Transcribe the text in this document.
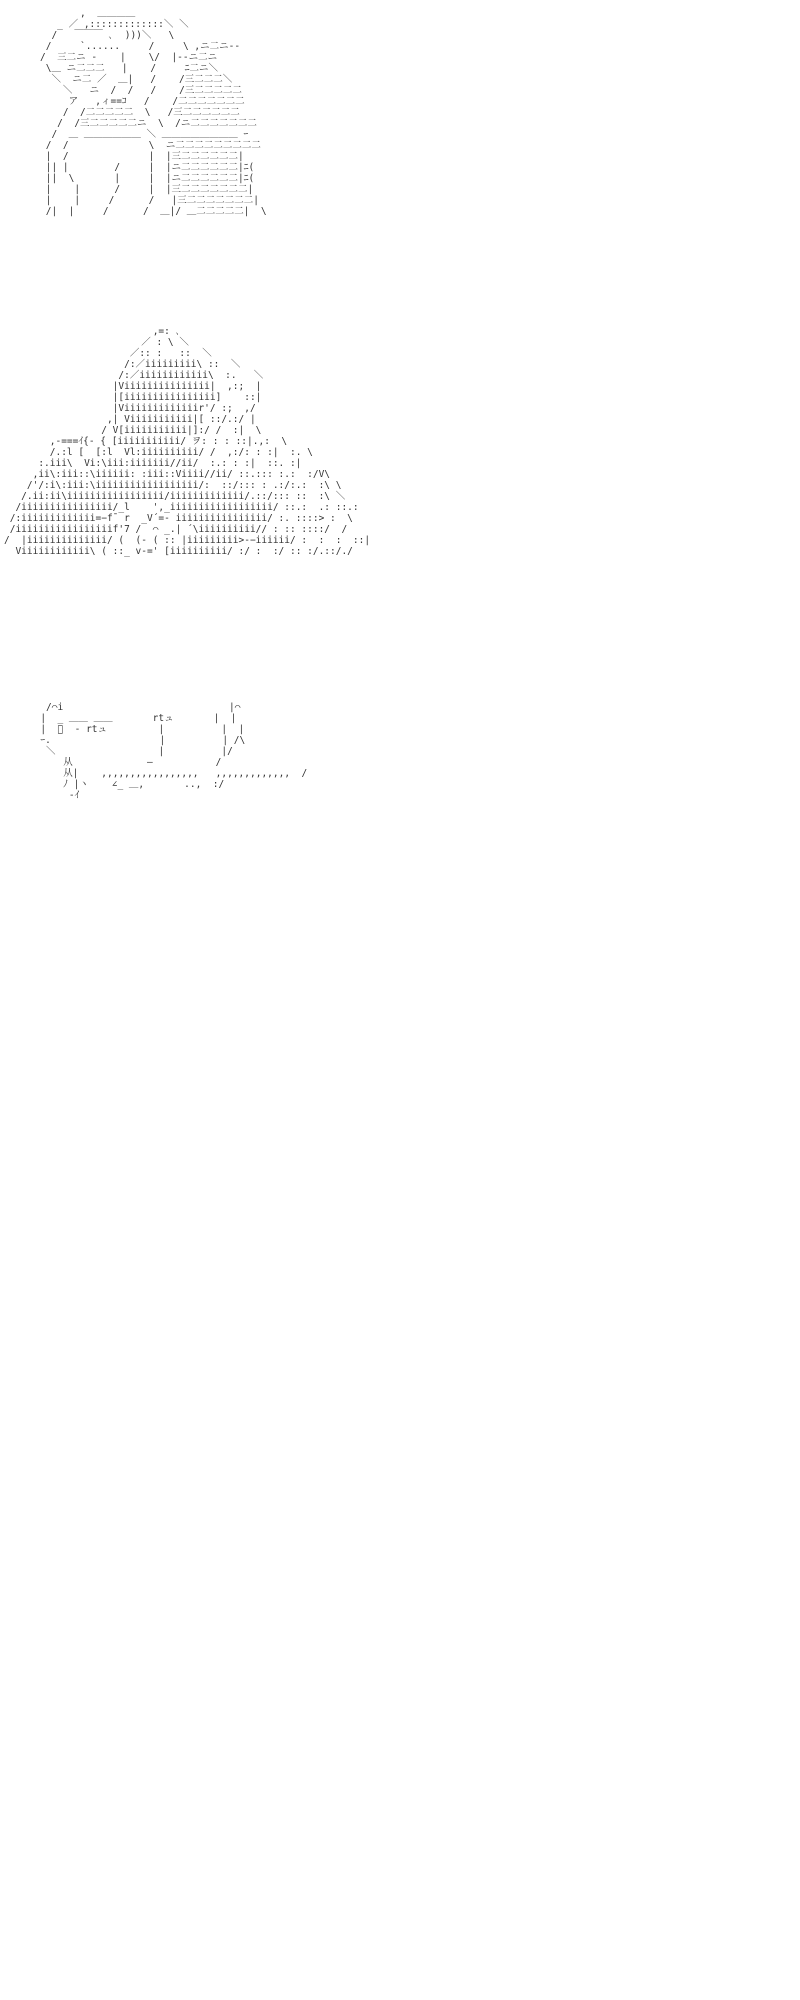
,  ＿＿＿＿
_ ／ ,:::::::::::::＼ ＼
/   ￣￣￣ ､  )))＼   \
/     `......     /     \ ,ニ二ニ-‐
/  三二ニ ‐    |    \/  |--ニ二ニ
\＿ ニ二二二   |    /     ﾆ二ニ＼
＼  ニ二 ／  ＿|   /    /三二二二＼
＼   ニ  /  /   /    /三二二二二二
ア   ,ィ==ｺ   /    /二二二二二二二
/  /二二二二二  \   /三二二二二二二
/  /三二二二二二ニ  \  /ニ二二二二二二二
/  ＿ ＿＿＿＿＿＿ ＼ ＿＿＿＿＿＿＿＿ ｰ
/  /              \  ニ二二二二二二二二二
|  /              |  |三二二二二二二|
|| |        /     |  |ニ二二二二二二|ﾆ(
||  \       |     |  |ニ二二二二二二|ﾆ(
|    |      /     |  |三二二二二二二二|
|    |     /      /   |三二二二二二二二|
/|  |     /      /  ＿|/ ＿二二二二二|  \
,=: ､
／ : \ ＼
／:: :   ::  ＼
/:／iiiiiiiii\ ::  ＼
/:／iiiiiiiiiiii\  :.   ＼
|Viiiiiiiiiiiiiii|  ,:;  |
|[iiiiiiiiiiiiiiii]    ::|
|Viiiiiiiiiiiiir'/ :;  ,/
,| Viiiiiiiiiii|[ ::/.:/ |
/ V[iiiiiiiiiii|]:/ /  :|  \
,-===ｲ{- { [iiiiiiiiiii/ ヲ: : : ::|.,:  \
/.:l [  [:l  Vl:iiiiiiiiii/ /  ,:/: : :|  :. \
:.iii\  Vi:\iii:iiiiiii//ii/  :.: : :|  ::. :|
,ii\:iii::\iiiiii: :iii::Viiii//ii/ ::.::: :.:  :/V\
/'/:i\:iii:\iiiiiiiiiiiiiiiiii/:  ::/::: : .:/:.:  :\ \
/.ii:ii\iiiiiiiiiiiiiiiii/iiiiiiiiiiiii/.::/::: ::  :\ ＼
/iiiiiiiiiiiiiiii/_l    ',_iiiiiiiiiiiiiiiiii/ ::.:  .: ::.:
/:iiiiiiiiiiiii=−f¯ r  _V´=- iiiiiiiiiiiiiiii/ :. ::::> :  \
/iiiiiiiiiiiiiiiiif'7 /  ⌒ _.| ´\iiiiiiiiii// : :: ::::/  /
/  |iiiiiiiiiiiiii/ (  (- ( :: |iiiiiiiii>-−iiiiii/ :  :  :  ::|
Viiiiiiiiiiii\ ( ::_ v-=' [iiiiiiiiii/ :/ :  :/ :: :/.::/./

/⌒i                             |⌒
|  _ ＿＿ ＿＿       rtュ       |  |
|  ﾞ  - rtュ         |          |  |
ｰ.                   |          | /\
＼                  |          |/
从             ―           /
从|    ,,,,,,,,,,,,,,,,,   ,,,,,,,,,,,,,  /
ﾉ |ヽ    ∠_ ＿,       ..,  :/
-ｲ
